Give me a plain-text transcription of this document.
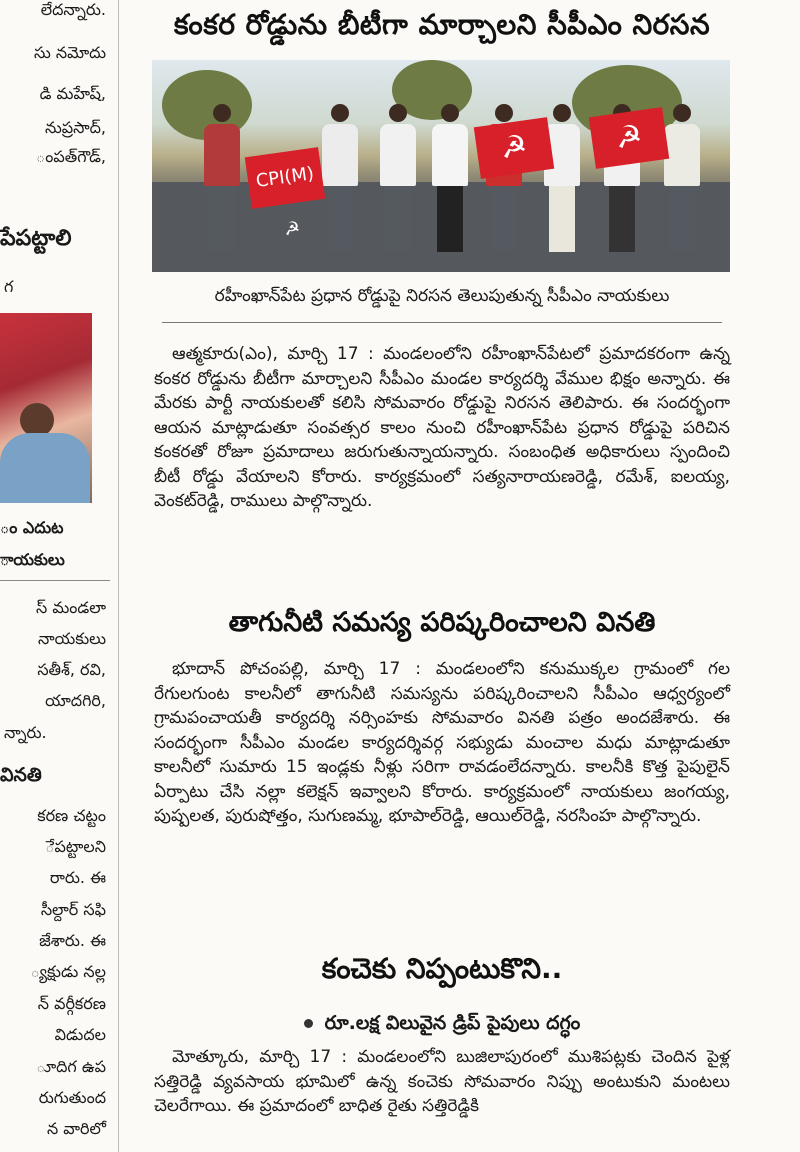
లేదన్నారు.
సు నమోదు
డి మహేష్,
నుప్రసాద్,
ంపత్‌గౌడ్,
పేపట్టాలి
గ
ం ఎదుట
ాయకులు
స్ మండలా
నాయకులు
సతీశ్, రవి,
యాదగిరి,
న్నారు.
వినతి
కరణ చట్టం
ేపట్టాలని
రారు. ఈ
సీల్దార్ సఫి
జేశారు. ఈ
్యక్షుడు నల్ల
న్ వర్గీకరణ
విడుదల
ూదిగ ఉప
రుగుతుంద
న వారిలో
కంకర రోడ్డును బీటీగా మార్చాలని సీపీఎం నిరసన
CPI(M) ☭
☭	☭
రహీంఖాన్‌పేట ప్రధాన రోడ్డుపై నిరసన తెలుపుతున్న సీపీఎం నాయకులు

ఆత్మకూరు(ఎం), మార్చి 17 : మండలంలోని రహీంఖాన్‌పేటలో ప్రమాదకరంగా ఉన్న కంకర రోడ్డును బీటీగా మార్చాలని సీపీఎం మండల కార్యదర్శి వేముల భిక్షం అన్నారు. ఈ మేరకు పార్టీ నాయకులతో కలిసి సోమవారం రోడ్డుపై నిరసన తెలిపారు. ఈ సందర్భంగా ఆయన మాట్లాడుతూ సంవత్సర కాలం నుంచి రహీంఖాన్‌పేట ప్రధాన రోడ్డుపై పరిచిన కంకరతో రోజూ ప్రమాదాలు జరుగుతున్నాయన్నారు. సంబంధిత అధికారులు స్పందించి బీటీ రోడ్డు వేయాలని కోరారు. కార్యక్రమంలో సత్యనారాయణరెడ్డి, రమేశ్, ఐలయ్య, వెంకట్‌రెడ్డి, రాములు పాల్గొన్నారు.

తాగునీటి సమస్య పరిష్కరించాలని వినతి

భూదాన్ పోచంపల్లి, మార్చి 17 : మండలంలోని కనుముక్కల గ్రామంలో గల రేగులగుంట కాలనీలో తాగునీటి సమస్యను పరిష్కరించాలని సీపీఎం ఆధ్వర్యంలో గ్రామపంచాయతీ కార్యదర్శి నర్సింహకు సోమవారం వినతి పత్రం అందజేశారు. ఈ సందర్భంగా సీపీఎం మండల కార్యదర్శివర్గ సభ్యుడు మంచాల మధు మాట్లాడుతూ కాలనీలో సుమారు 15 ఇండ్లకు నీళ్లు సరిగా రావడంలేదన్నారు. కాలనీకి కొత్త పైపులైన్ ఏర్పాటు చేసి నల్లా కలెక్షన్ ఇవ్వాలని కోరారు. కార్యక్రమంలో నాయకులు జంగయ్య, పుష్పలత, పురుషోత్తం, సుగుణమ్మ, భూపాల్‌రెడ్డి, ఆయిల్‌రెడ్డి, నరసింహ పాల్గొన్నారు.

కంచెకు నిప్పంటుకొని..
రూ.లక్ష విలువైన డ్రిప్ పైపులు దగ్ధం

మోత్కూరు, మార్చి 17 : మండలంలోని బుజిలాపురంలో ముశిపట్లకు చెందిన పైళ్ల సత్తిరెడ్డి వ్యవసాయ భూమిలో ఉన్న కంచెకు సోమవారం నిప్పు అంటుకుని మంటలు చెలరేగాయి. ఈ ప్రమాదంలో బాధిత రైతు సత్తిరెడ్డికి
